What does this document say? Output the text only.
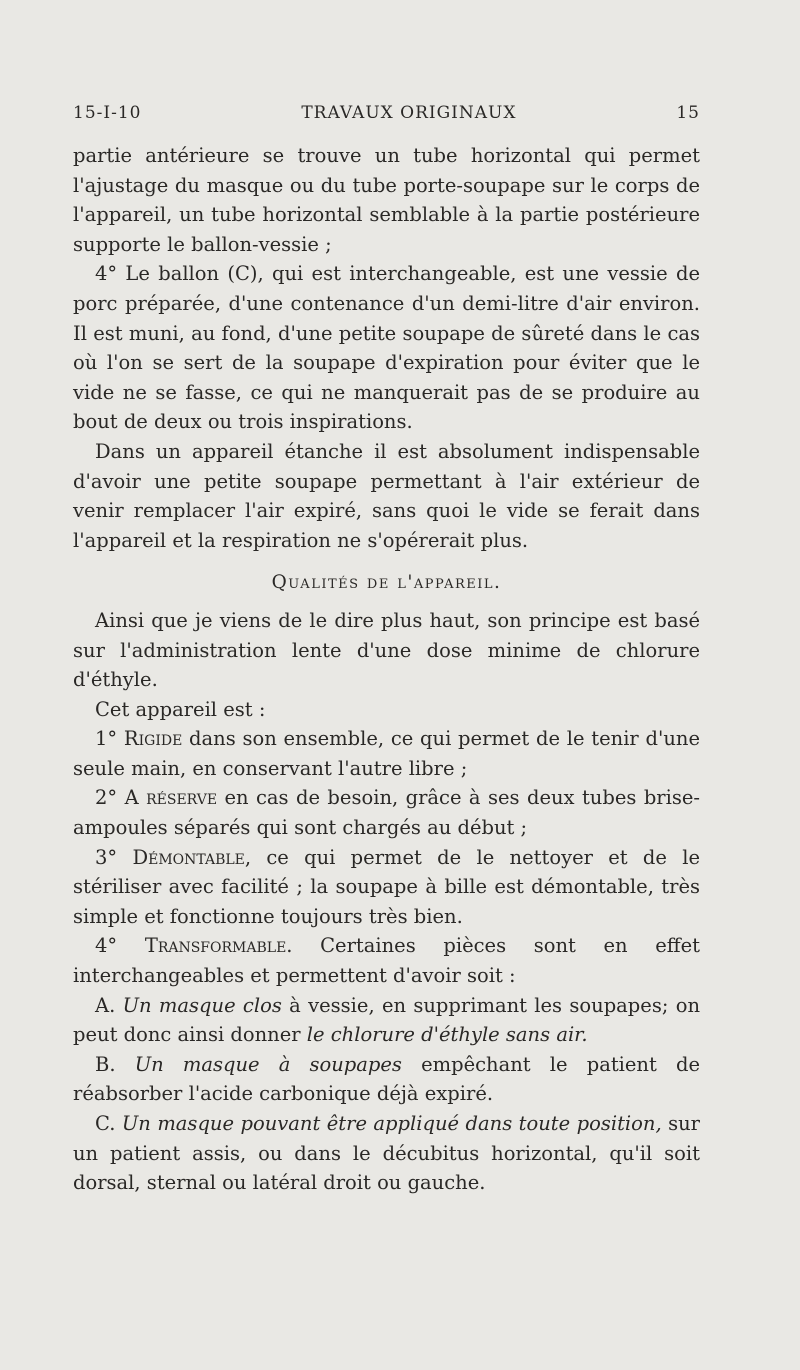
15-I-10	TRAVAUX ORIGINAUX	15

partie antérieure se trouve un tube horizontal qui permet l'ajustage du masque ou du tube porte-soupape sur le corps de l'appareil, un tube horizontal semblable à la partie postérieure supporte le ballon-vessie ;

4° Le ballon (C), qui est interchangeable, est une vessie de porc préparée, d'une contenance d'un demi-litre d'air environ. Il est muni, au fond, d'une petite soupape de sûreté dans le cas où l'on se sert de la soupape d'expiration pour éviter que le vide ne se fasse, ce qui ne manquerait pas de se produire au bout de deux ou trois inspirations.

Dans un appareil étanche il est absolument indispensable d'avoir une petite soupape permettant à l'air extérieur de venir remplacer l'air expiré, sans quoi le vide se ferait dans l'appareil et la respiration ne s'opérerait plus.

Qualités de l'appareil.

Ainsi que je viens de le dire plus haut, son principe est basé sur l'administration lente d'une dose minime de chlorure d'éthyle.

Cet appareil est :

1° Rigide dans son ensemble, ce qui permet de le tenir d'une seule main, en conservant l'autre libre ;

2° A réserve en cas de besoin, grâce à ses deux tubes brise-ampoules séparés qui sont chargés au début ;

3° Démontable, ce qui permet de le nettoyer et de le stériliser avec facilité ; la soupape à bille est démontable, très simple et fonctionne toujours très bien.

4° Transformable. Certaines pièces sont en effet interchangeables et permettent d'avoir soit :

A. Un masque clos à vessie, en supprimant les soupapes; on peut donc ainsi donner le chlorure d'éthyle sans air.

B. Un masque à soupapes empêchant le patient de réabsorber l'acide carbonique déjà expiré.

C. Un masque pouvant être appliqué dans toute position, sur un patient assis, ou dans le décubitus horizontal, qu'il soit dorsal, sternal ou latéral droit ou gauche.
